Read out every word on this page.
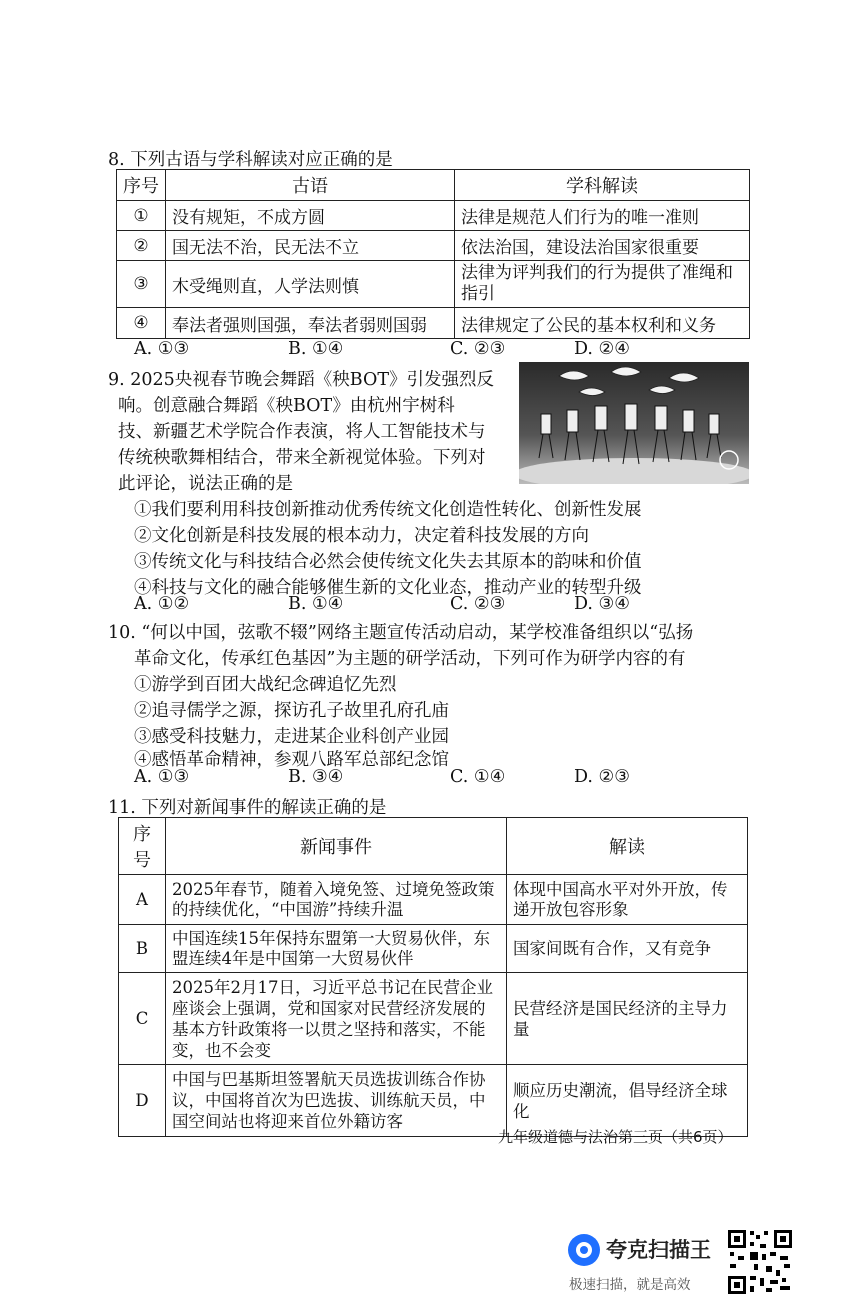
8. 下列古语与学科解读对应正确的是
序号	古语	学科解读
①	没有规矩，不成方圆	法律是规范人们行为的唯一准则
②	国无法不治，民无法不立	依法治国，建设法治国家很重要
③	木受绳则直，人学法则慎	法律为评判我们的行为提供了准绳和指引
④	奉法者强则国强，奉法者弱则国弱	法律规定了公民的基本权利和义务
A. ①③	B. ①④	C. ②③	D. ②④
9. 2025央视春节晚会舞蹈《秧BOT》引发强烈反
响。创意融合舞蹈《秧BOT》由杭州宇树科
技、新疆艺术学院合作表演，将人工智能技术与
传统秧歌舞相结合，带来全新视觉体验。下列对
此评论，说法正确的是
①我们要利用科技创新推动优秀传统文化创造性转化、创新性发展
②文化创新是科技发展的根本动力，决定着科技发展的方向
③传统文化与科技结合必然会使传统文化失去其原本的韵味和价值
④科技与文化的融合能够催生新的文化业态，推动产业的转型升级
A. ①②	B. ①④	C. ②③	D. ③④
10. “何以中国，弦歌不辍”网络主题宣传活动启动，某学校准备组织以“弘扬
革命文化，传承红色基因”为主题的研学活动，下列可作为研学内容的有
①游学到百团大战纪念碑追忆先烈
②追寻儒学之源，探访孔子故里孔府孔庙
③感受科技魅力，走进某企业科创产业园
④感悟革命精神，参观八路军总部纪念馆
A. ①③	B. ③④	C. ①④	D. ②③
11. 下列对新闻事件的解读正确的是
序号	新闻事件	解读
A	2025年春节，随着入境免签、过境免签政策的持续优化，“中国游”持续升温	体现中国高水平对外开放，传递开放包容形象
B	中国连续15年保持东盟第一大贸易伙伴，东盟连续4年是中国第一大贸易伙伴	国家间既有合作，又有竞争
C	2025年2月17日，习近平总书记在民营企业座谈会上强调，党和国家对民营经济发展的基本方针政策将一以贯之坚持和落实，不能变，也不会变	民营经济是国民经济的主导力量
D	中国与巴基斯坦签署航天员选拔训练合作协议，中国将首次为巴选拔、训练航天员，中国空间站也将迎来首位外籍访客	顺应历史潮流，倡导经济全球化
九年级道德与法治第三页（共6页）
夸克扫描王
极速扫描，就是高效
